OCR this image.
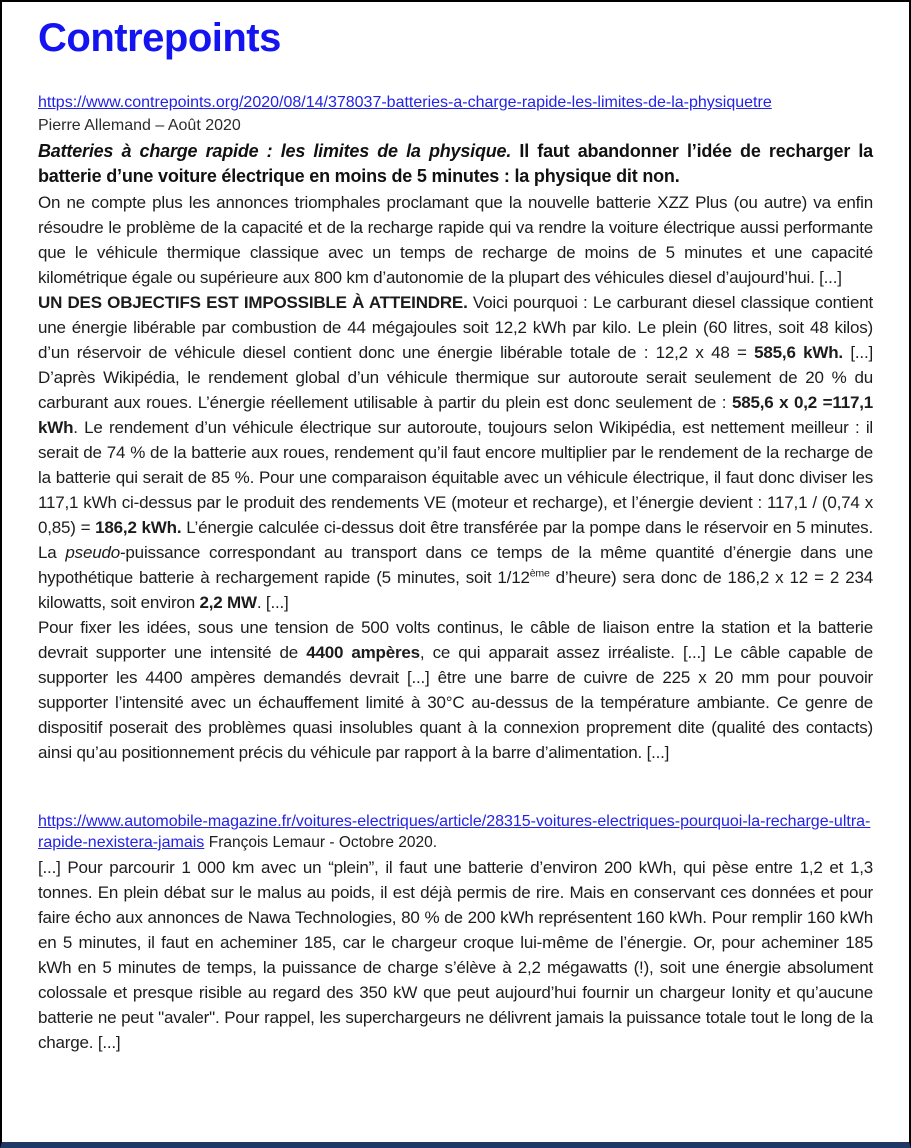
Contrepoints

https://www.contrepoints.org/2020/08/14/378037-batteries-a-charge-rapide-les-limites-de-la-physiquetre

Pierre Allemand – Août 2020

Batteries à charge rapide : les limites de la physique. Il faut abandonner l’idée de recharger la batterie d’une voiture électrique en moins de 5 minutes : la physique dit non.

On ne compte plus les annonces triomphales proclamant que la nouvelle batterie XZZ Plus (ou autre) va enfin résoudre le problème de la capacité et de la recharge rapide qui va rendre la voiture électrique aussi performante que le véhicule thermique classique avec un temps de recharge de moins de 5 minutes et une capacité kilométrique égale ou supérieure aux 800 km d’autonomie de la plupart des véhicules diesel d’aujourd’hui. [...]

UN DES OBJECTIFS EST IMPOSSIBLE À ATTEINDRE. Voici pourquoi : Le carburant diesel classique contient une énergie libérable par combustion de 44 mégajoules soit 12,2 kWh par kilo. Le plein (60 litres, soit 48 kilos) d’un réservoir de véhicule diesel contient donc une énergie libérable totale de : 12,2 x 48 = 585,6 kWh. [...] D’après Wikipédia, le rendement global d’un véhicule thermique sur autoroute serait seulement de 20 % du carburant aux roues. L’énergie réellement utilisable à partir du plein est donc seulement de : 585,6 x 0,2 =117,1 kWh. Le rendement d’un véhicule électrique sur autoroute, toujours selon Wikipédia, est nettement meilleur : il serait de 74 % de la batterie aux roues, rendement qu’il faut encore multiplier par le rendement de la recharge de la batterie qui serait de 85 %. Pour une comparaison équitable avec un véhicule électrique, il faut donc diviser les 117,1 kWh ci-dessus par le produit des rendements VE (moteur et recharge), et l’énergie devient : 117,1 / (0,74 x 0,85) = 186,2 kWh. L’énergie calculée ci-dessus doit être transférée par la pompe dans le réservoir en 5 minutes. La pseudo-puissance correspondant au transport dans ce temps de la même quantité d’énergie dans une hypothétique batterie à rechargement rapide (5 minutes, soit 1/12ème d’heure) sera donc de 186,2 x 12 = 2 234 kilowatts, soit environ 2,2 MW. [...]

Pour fixer les idées, sous une tension de 500 volts continus, le câble de liaison entre la station et la batterie devrait supporter une intensité de 4400 ampères, ce qui apparait assez irréaliste. [...] Le câble capable de supporter les 4400 ampères demandés devrait [...] être une barre de cuivre de 225 x 20 mm pour pouvoir supporter l’intensité avec un échauffement limité à 30°C au-dessus de la température ambiante. Ce genre de dispositif poserait des problèmes quasi insolubles quant à la connexion proprement dite (qualité des contacts) ainsi qu’au positionnement précis du véhicule par rapport à la barre d’alimentation. [...]

https://www.automobile-magazine.fr/voitures-electriques/article/28315-voitures-electriques-pourquoi-la-recharge-ultra-rapide-nexistera-jamais François Lemaur - Octobre 2020.

[...] Pour parcourir 1 000 km avec un “plein”, il faut une batterie d’environ 200 kWh, qui pèse entre 1,2 et 1,3 tonnes. En plein débat sur le malus au poids, il est déjà permis de rire. Mais en conservant ces données et pour faire écho aux annonces de Nawa Technologies, 80 % de 200 kWh représentent 160 kWh. Pour remplir 160 kWh en 5 minutes, il faut en acheminer 185, car le chargeur croque lui-même de l’énergie. Or, pour acheminer 185 kWh en 5 minutes de temps, la puissance de charge s’élève à 2,2 mégawatts (!), soit une énergie absolument colossale et presque risible au regard des 350 kW que peut aujourd’hui fournir un chargeur Ionity et qu’aucune batterie ne peut "avaler". Pour rappel, les superchargeurs ne délivrent jamais la puissance totale tout le long de la charge. [...]
